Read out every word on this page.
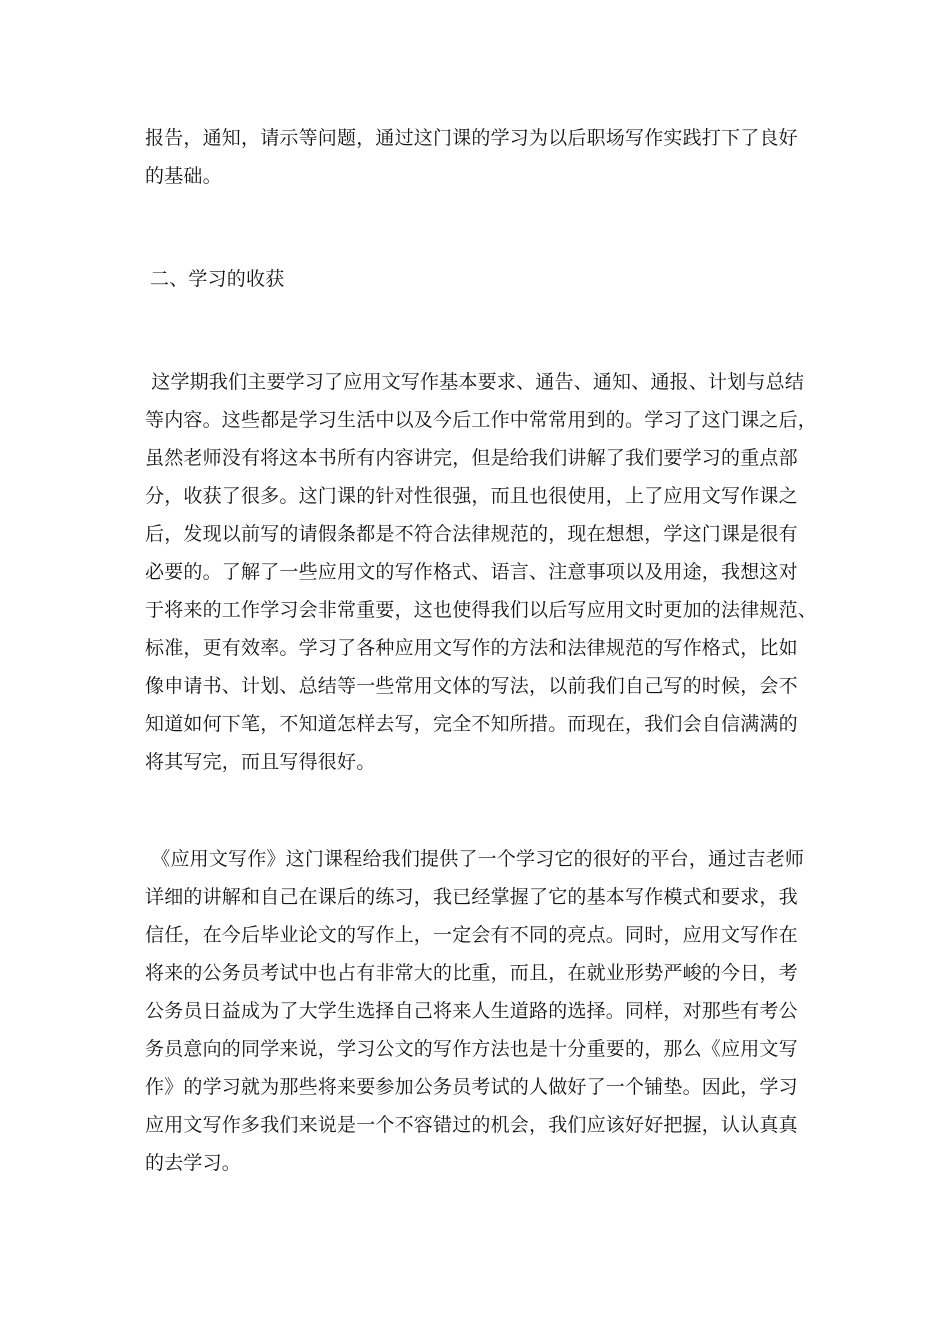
报告，通知，请示等问题，通过这门课的学习为以后职场写作实践打下了良好
的基础。
二、学习的收获
这学期我们主要学习了应用文写作基本要求、通告、通知、通报、计划与总结
等内容。这些都是学习生活中以及今后工作中常常用到的。学习了这门课之后，
虽然老师没有将这本书所有内容讲完，但是给我们讲解了我们要学习的重点部
分，收获了很多。这门课的针对性很强，而且也很使用，上了应用文写作课之
后，发现以前写的请假条都是不符合法律规范的，现在想想，学这门课是很有
必要的。了解了一些应用文的写作格式、语言、注意事项以及用途，我想这对
于将来的工作学习会非常重要，这也使得我们以后写应用文时更加的法律规范、
标准，更有效率。学习了各种应用文写作的方法和法律规范的写作格式，比如
像申请书、计划、总结等一些常用文体的写法，以前我们自己写的时候，会不
知道如何下笔，不知道怎样去写，完全不知所措。而现在，我们会自信满满的
将其写完，而且写得很好。
《应用文写作》这门课程给我们提供了一个学习它的很好的平台，通过吉老师
详细的讲解和自己在课后的练习，我已经掌握了它的基本写作模式和要求，我
信任，在今后毕业论文的写作上，一定会有不同的亮点。同时，应用文写作在
将来的公务员考试中也占有非常大的比重，而且，在就业形势严峻的今日，考
公务员日益成为了大学生选择自己将来人生道路的选择。同样，对那些有考公
务员意向的同学来说，学习公文的写作方法也是十分重要的，那么《应用文写
作》的学习就为那些将来要参加公务员考试的人做好了一个铺垫。因此，学习
应用文写作多我们来说是一个不容错过的机会，我们应该好好把握，认认真真
的去学习。
